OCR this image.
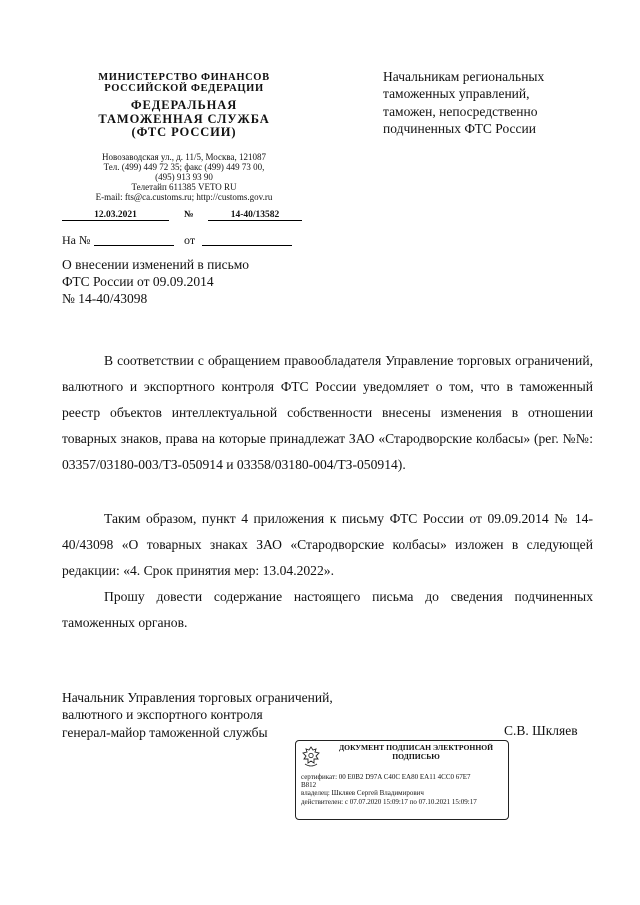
МИНИСТЕРСТВО ФИНАНСОВ
РОССИЙСКОЙ ФЕДЕРАЦИИ
ФЕДЕРАЛЬНАЯ
ТАМОЖЕННАЯ СЛУЖБА
(ФТС РОССИИ)
Новозаводская ул., д. 11/5, Москва, 121087
Тел. (499) 449 72 35; факс (499) 449 73 00,
(495) 913 93 90
Телетайп 611385 VETO RU
E-mail: fts@ca.customs.ru; http://customs.gov.ru
12.03.2021	№	14-40/13582
На №	от
О внесении изменений в письмо
ФТС России от 09.09.2014
№ 14-40/43098
Начальникам региональных
таможенных управлений,
таможен, непосредственно
подчиненных ФТС России
В соответствии с обращением правообладателя Управление торговых ограничений, валютного и экспортного контроля ФТС России уведомляет о том, что в таможенный реестр объектов интеллектуальной собственности внесены изменения в отношении товарных знаков, права на которые принадлежат ЗАО «Стародворские колбасы» (рег. №№: 03357/03180-003/ТЗ-050914 и 03358/03180-004/ТЗ-050914).
Таким образом, пункт 4 приложения к письму ФТС России от 09.09.2014 № 14-40/43098 «О товарных знаках ЗАО «Стародворские колбасы» изложен в следующей редакции: «4. Срок принятия мер: 13.04.2022».
Прошу довести содержание настоящего письма до сведения подчиненных таможенных органов.
Начальник Управления торговых ограничений,
валютного и экспортного контроля
генерал-майор таможенной службы	С.В. Шкляев
ДОКУМЕНТ ПОДПИСАН ЭЛЕКТРОННОЙ
ПОДПИСЬЮ
сертификат: 00 E0B2 D97A C40C EA80 EA11 4CC0 67E7
B812
владелец: Шкляев Сергей Владимирович
действителен: с 07.07.2020 15:09:17 по 07.10.2021 15:09:17
